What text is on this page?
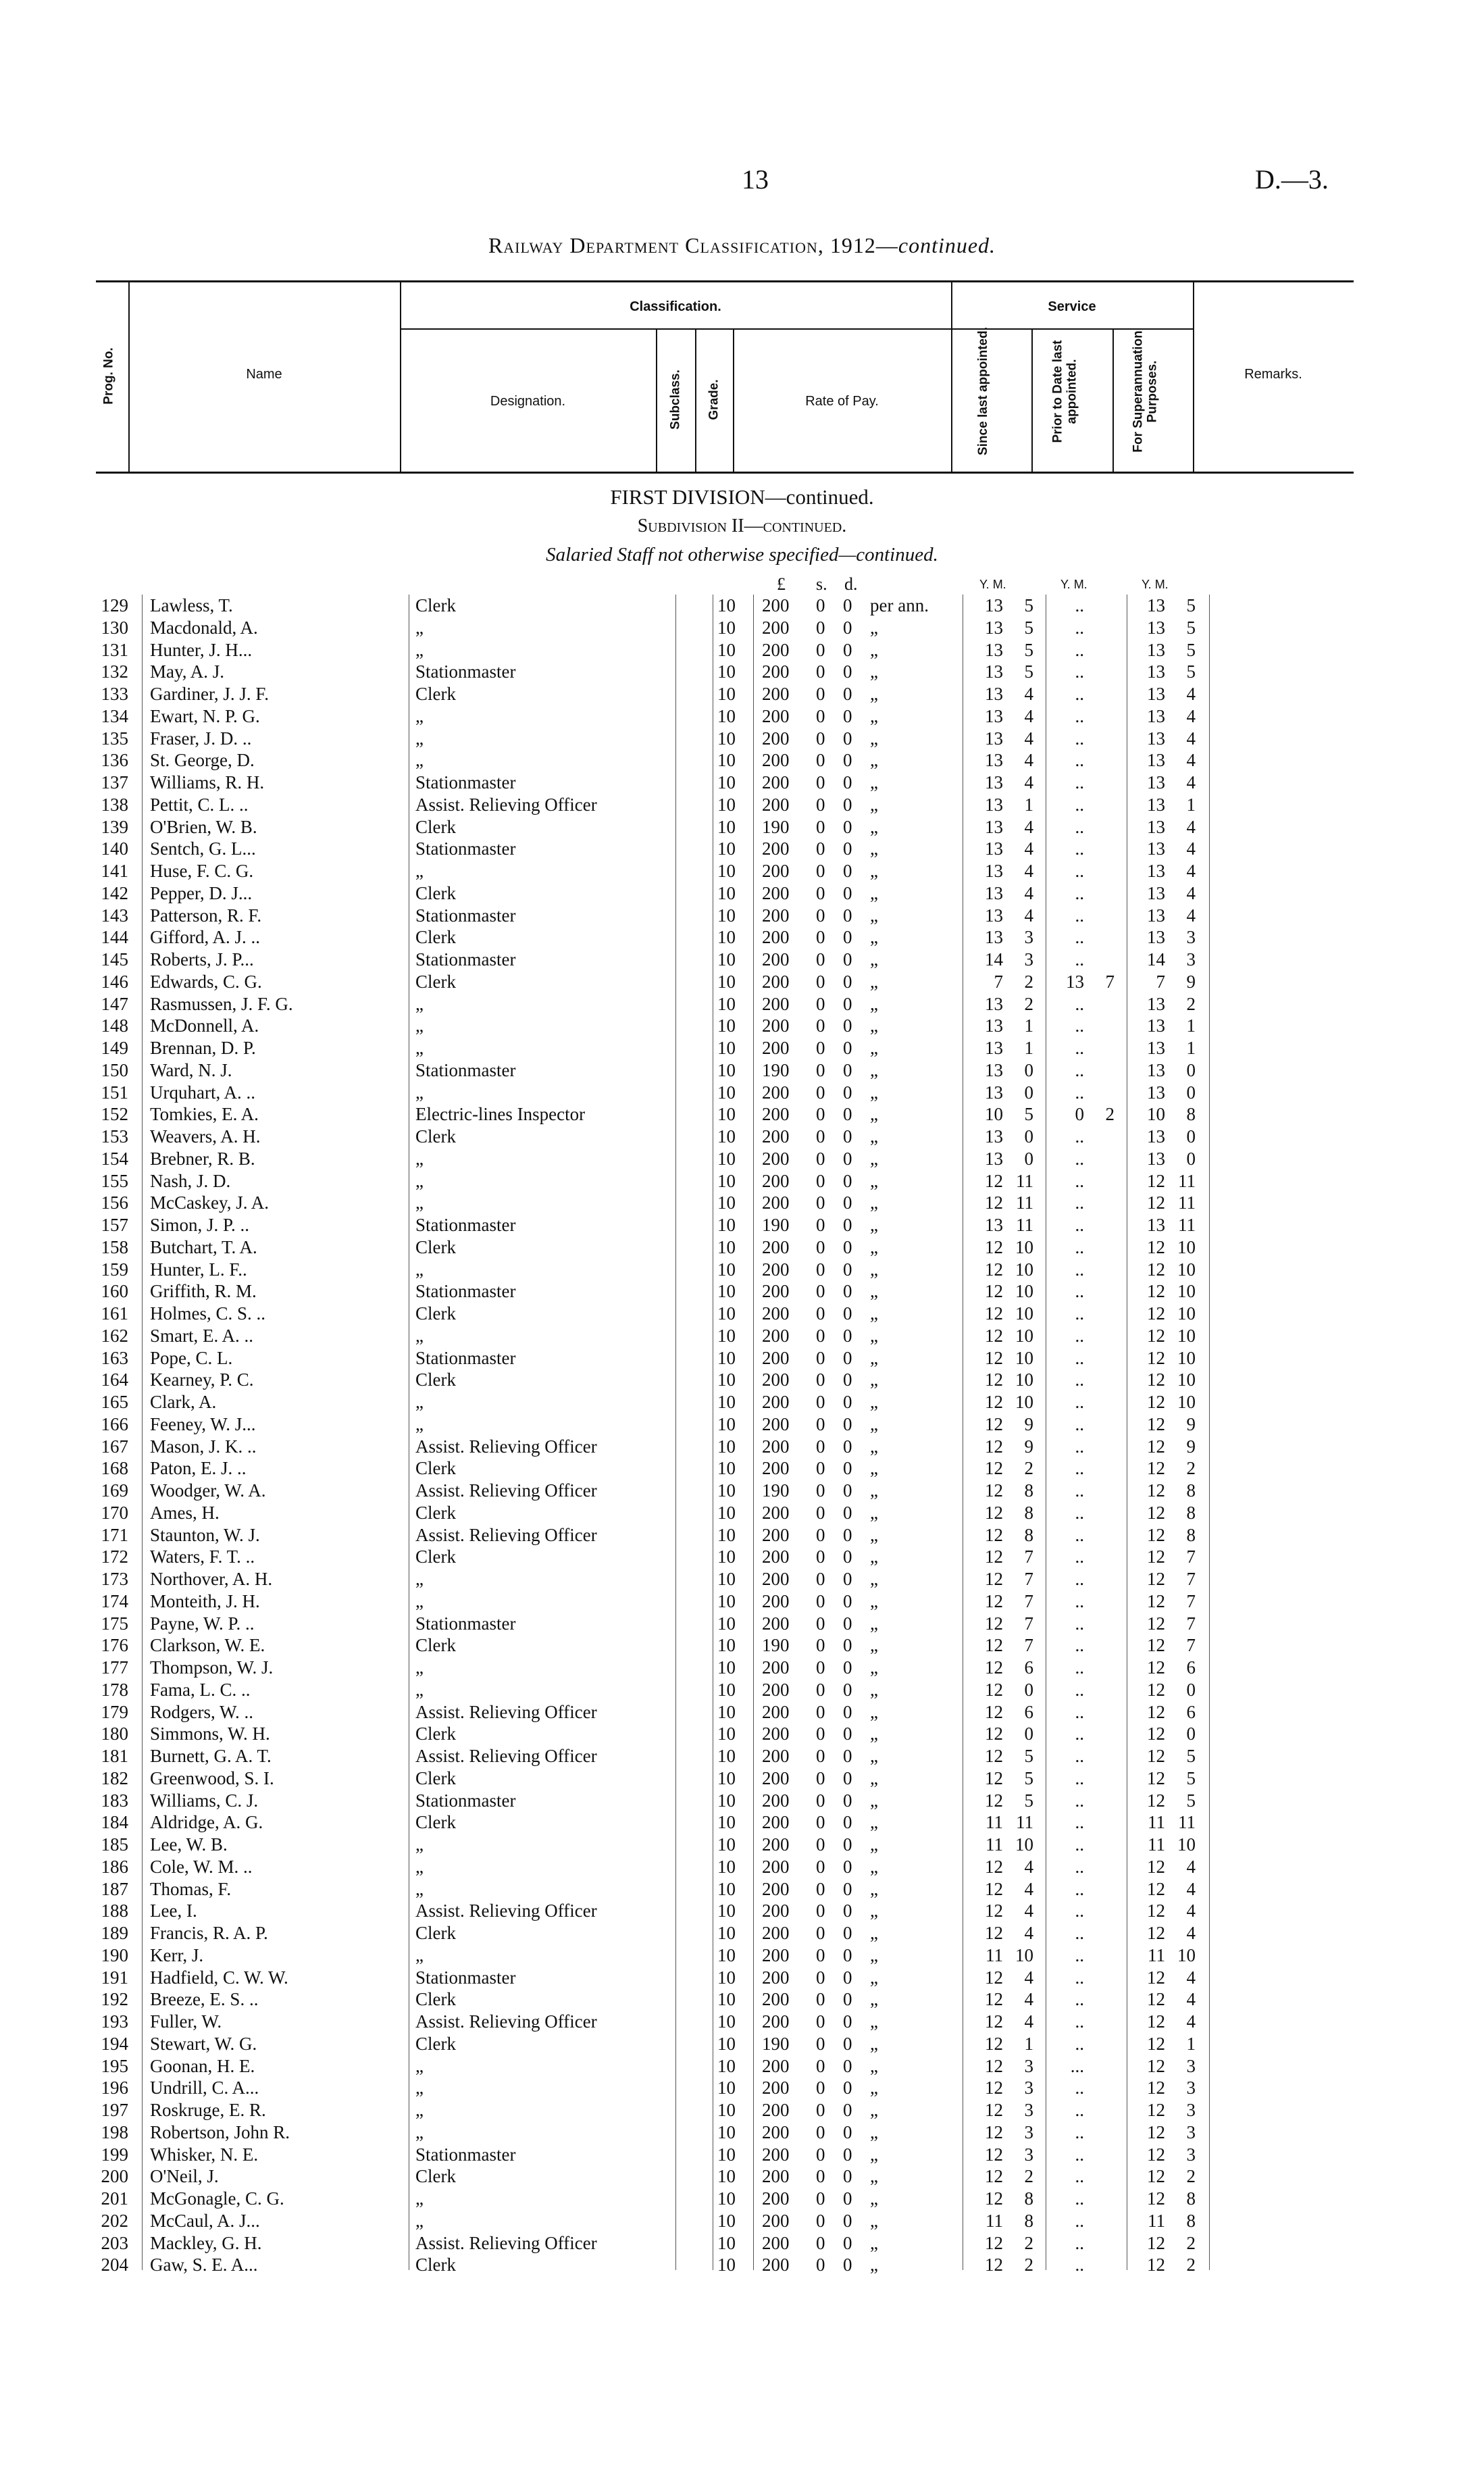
13	D.—3.
Railway Department Classification, 1912—continued.
Prog. No.	Name
Classification.
Designation.	Subclass. Grade.	Rate of Pay.
Service
Since last appointed.	Prior to Date last appointed.	For Superannuation Purposes.	Remarks.
FIRST DIVISION—continued.
Subdivision II—continued.
Salaried Staff not otherwise specified—continued.
£ s. d.	Y. M.	Y. M.	Y. M.
129 Lawless, T.	Clerk	10 200 0 0 per ann.	13	5	..	13	5
130 Macdonald, A.	„	10 200 0 0 „	13	5	..	13	5
131 Hunter, J. H...	„	10 200 0 0 „	13	5	..	13	5
132 May, A. J.	Stationmaster	10 200 0 0 „	13	5	..	13	5
133 Gardiner, J. J. F.	Clerk	10 200 0 0 „	13	4	..	13	4
134 Ewart, N. P. G.	„	10 200 0 0 „	13	4	..	13	4
135 Fraser, J. D. ..	„	10 200 0 0 „	13	4	..	13	4
136 St. George, D.	„	10 200 0 0 „	13	4	..	13	4
137 Williams, R. H.	Stationmaster	10 200 0 0 „	13	4	..	13	4
138 Pettit, C. L. ..	Assist. Relieving Officer	10 200 0 0 „	13	1	..	13	1
139 O'Brien, W. B.	Clerk	10 190 0 0 „	13	4	..	13	4
140 Sentch, G. L...	Stationmaster	10 200 0 0 „	13	4	..	13	4
141 Huse, F. C. G.	„	10 200 0 0 „	13	4	..	13	4
142 Pepper, D. J...	Clerk	10 200 0 0 „	13	4	..	13	4
143 Patterson, R. F.	Stationmaster	10 200 0 0 „	13	4	..	13	4
144 Gifford, A. J. ..	Clerk	10 200 0 0 „	13	3	..	13	3
145 Roberts, J. P...	Stationmaster	10 200 0 0 „	14	3	..	14	3
146 Edwards, C. G.	Clerk	10 200 0 0 „	7	2	13	7	7	9
147 Rasmussen, J. F. G.	„	10 200 0 0 „	13	2	..	13	2
148 McDonnell, A.	„	10 200 0 0 „	13	1	..	13	1
149 Brennan, D. P.	„	10 200 0 0 „	13	1	..	13	1
150 Ward, N. J.	Stationmaster	10 190 0 0 „	13	0	..	13	0
151 Urquhart, A. ..	„	10 200 0 0 „	13	0	..	13	0
152 Tomkies, E. A.	Electric-lines Inspector	10 200 0 0 „	10	5	0	2	10	8
153 Weavers, A. H.	Clerk	10 200 0 0 „	13	0	..	13	0
154 Brebner, R. B.	„	10 200 0 0 „	13	0	..	13	0
155 Nash, J. D.	„	10 200 0 0 „	12 11	..	12 11
156 McCaskey, J. A.	„	10 200 0 0 „	12 11	..	12 11
157 Simon, J. P. ..	Stationmaster	10 190 0 0 „	13 11	..	13 11
158 Butchart, T. A.	Clerk	10 200 0 0 „	12 10	..	12 10
159 Hunter, L. F..	„	10 200 0 0 „	12 10	..	12 10
160 Griffith, R. M.	Stationmaster	10 200 0 0 „	12 10	..	12 10
161 Holmes, C. S. ..	Clerk	10 200 0 0 „	12 10	..	12 10
162 Smart, E. A. ..	„	10 200 0 0 „	12 10	..	12 10
163 Pope, C. L.	Stationmaster	10 200 0 0 „	12 10	..	12 10
164 Kearney, P. C.	Clerk	10 200 0 0 „	12 10	..	12 10
165 Clark, A.	„	10 200 0 0 „	12 10	..	12 10
166 Feeney, W. J...	„	10 200 0 0 „	12	9	..	12	9
167 Mason, J. K. ..	Assist. Relieving Officer	10 200 0 0 „	12	9	..	12	9
168 Paton, E. J. ..	Clerk	10 200 0 0 „	12	2	..	12	2
169 Woodger, W. A.	Assist. Relieving Officer	10 190 0 0 „	12	8	..	12	8
170 Ames, H.	Clerk	10 200 0 0 „	12	8	..	12	8
171 Staunton, W. J.	Assist. Relieving Officer	10 200 0 0 „	12	8	..	12	8
172 Waters, F. T. ..	Clerk	10 200 0 0 „	12	7	..	12	7
173 Northover, A. H.	„	10 200 0 0 „	12	7	..	12	7
174 Monteith, J. H.	„	10 200 0 0 „	12	7	..	12	7
175 Payne, W. P. ..	Stationmaster	10 200 0 0 „	12	7	..	12	7
176 Clarkson, W. E.	Clerk	10 190 0 0 „	12	7	..	12	7
177 Thompson, W. J.	„	10 200 0 0 „	12	6	..	12	6
178 Fama, L. C. ..	„	10 200 0 0 „	12	0	..	12	0
179 Rodgers, W. ..	Assist. Relieving Officer	10 200 0 0 „	12	6	..	12	6
180 Simmons, W. H.	Clerk	10 200 0 0 „	12	0	..	12	0
181 Burnett, G. A. T.	Assist. Relieving Officer	10 200 0 0 „	12	5	..	12	5
182 Greenwood, S. I.	Clerk	10 200 0 0 „	12	5	..	12	5
183 Williams, C. J.	Stationmaster	10 200 0 0 „	12	5	..	12	5
184 Aldridge, A. G.	Clerk	10 200 0 0 „	11 11	..	11 11
185 Lee, W. B.	„	10 200 0 0 „	11 10	..	11 10
186 Cole, W. M. ..	„	10 200 0 0 „	12	4	..	12	4
187 Thomas, F.	„	10 200 0 0 „	12	4	..	12	4
188 Lee, I.	Assist. Relieving Officer	10 200 0 0 „	12	4	..	12	4
189 Francis, R. A. P.	Clerk	10 200 0 0 „	12	4	..	12	4
190 Kerr, J.	„	10 200 0 0 „	11 10	..	11 10
191 Hadfield, C. W. W.	Stationmaster	10 200 0 0 „	12	4	..	12	4
192 Breeze, E. S. ..	Clerk	10 200 0 0 „	12	4	..	12	4
193 Fuller, W.	Assist. Relieving Officer	10 200 0 0 „	12	4	..	12	4
194 Stewart, W. G.	Clerk	10 190 0 0 „	12	1	..	12	1
195 Goonan, H. E.	„	10 200 0 0 „	12	3	...	12	3
196 Undrill, C. A...	„	10 200 0 0 „	12	3	..	12	3
197 Roskruge, E. R.	„	10 200 0 0 „	12	3	..	12	3
198 Robertson, John R.	„	10 200 0 0 „	12	3	..	12	3
199 Whisker, N. E.	Stationmaster	10 200 0 0 „	12	3	..	12	3
200 O'Neil, J.	Clerk	10 200 0 0 „	12	2	..	12	2
201 McGonagle, C. G.	„	10 200 0 0 „	12	8	..	12	8
202 McCaul, A. J...	„	10 200 0 0 „	11	8	..	11	8
203 Mackley, G. H.	Assist. Relieving Officer	10 200 0 0 „	12	2	..	12	2
204 Gaw, S. E. A...	Clerk	10 200 0 0 „	12	2	..	12	2
